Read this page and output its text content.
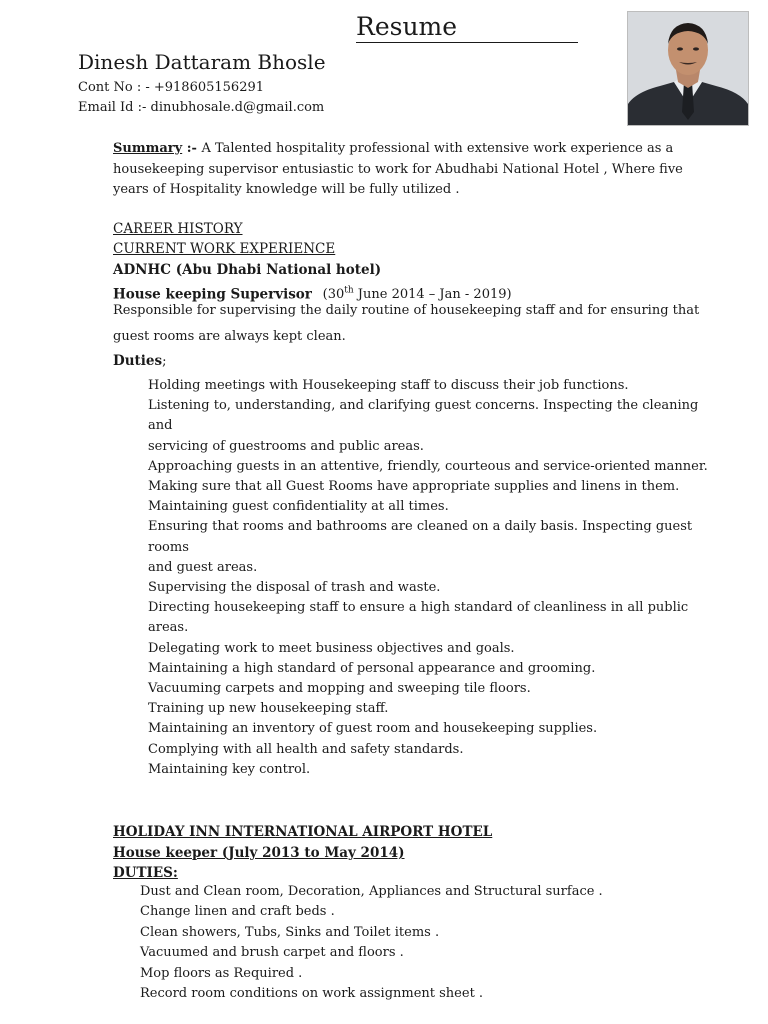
Resume
Dinesh Dattaram Bhosle
Cont No : - +918605156291
Email Id :- dinubhosale.d@gmail.com
Summary :- A Talented hospitality professional with extensive work experience as a housekeeping supervisor entusiastic to work for Abudhabi National Hotel , Where five years of Hospitality knowledge will be fully utilized .
CAREER HISTORY
CURRENT WORK EXPERIENCE
ADNHC (Abu Dhabi National hotel)
House keeping Supervisor (30th June 2014 – Jan - 2019)
Responsible for supervising the daily routine of housekeeping staff and for ensuring that guest rooms are always kept clean.
Duties;
Holding meetings with Housekeeping staff to discuss their job functions.
Listening to, understanding, and clarifying guest concerns. Inspecting the cleaning and
servicing of guestrooms and public areas.
Approaching guests in an attentive, friendly, courteous and service-oriented manner.
Making sure that all Guest Rooms have appropriate supplies and linens in them.
Maintaining guest confidentiality at all times.
Ensuring that rooms and bathrooms are cleaned on a daily basis. Inspecting guest rooms
and guest areas.
Supervising the disposal of trash and waste.
Directing housekeeping staff to ensure a high standard of cleanliness in all public areas.
Delegating work to meet business objectives and goals.
Maintaining a high standard of personal appearance and grooming.
Vacuuming carpets and mopping and sweeping tile floors.
Training up new housekeeping staff.
Maintaining an inventory of guest room and housekeeping supplies.
Complying with all health and safety standards.
Maintaining key control.
HOLIDAY INN INTERNATIONAL AIRPORT HOTEL
House keeper (July 2013 to May 2014)
DUTIES:
Dust and Clean room, Decoration, Appliances and Structural surface .
Change linen and craft beds .
Clean showers, Tubs, Sinks and Toilet items .
Vacuumed and brush carpet and floors .
Mop floors as Required .
Record room conditions on work assignment sheet .
